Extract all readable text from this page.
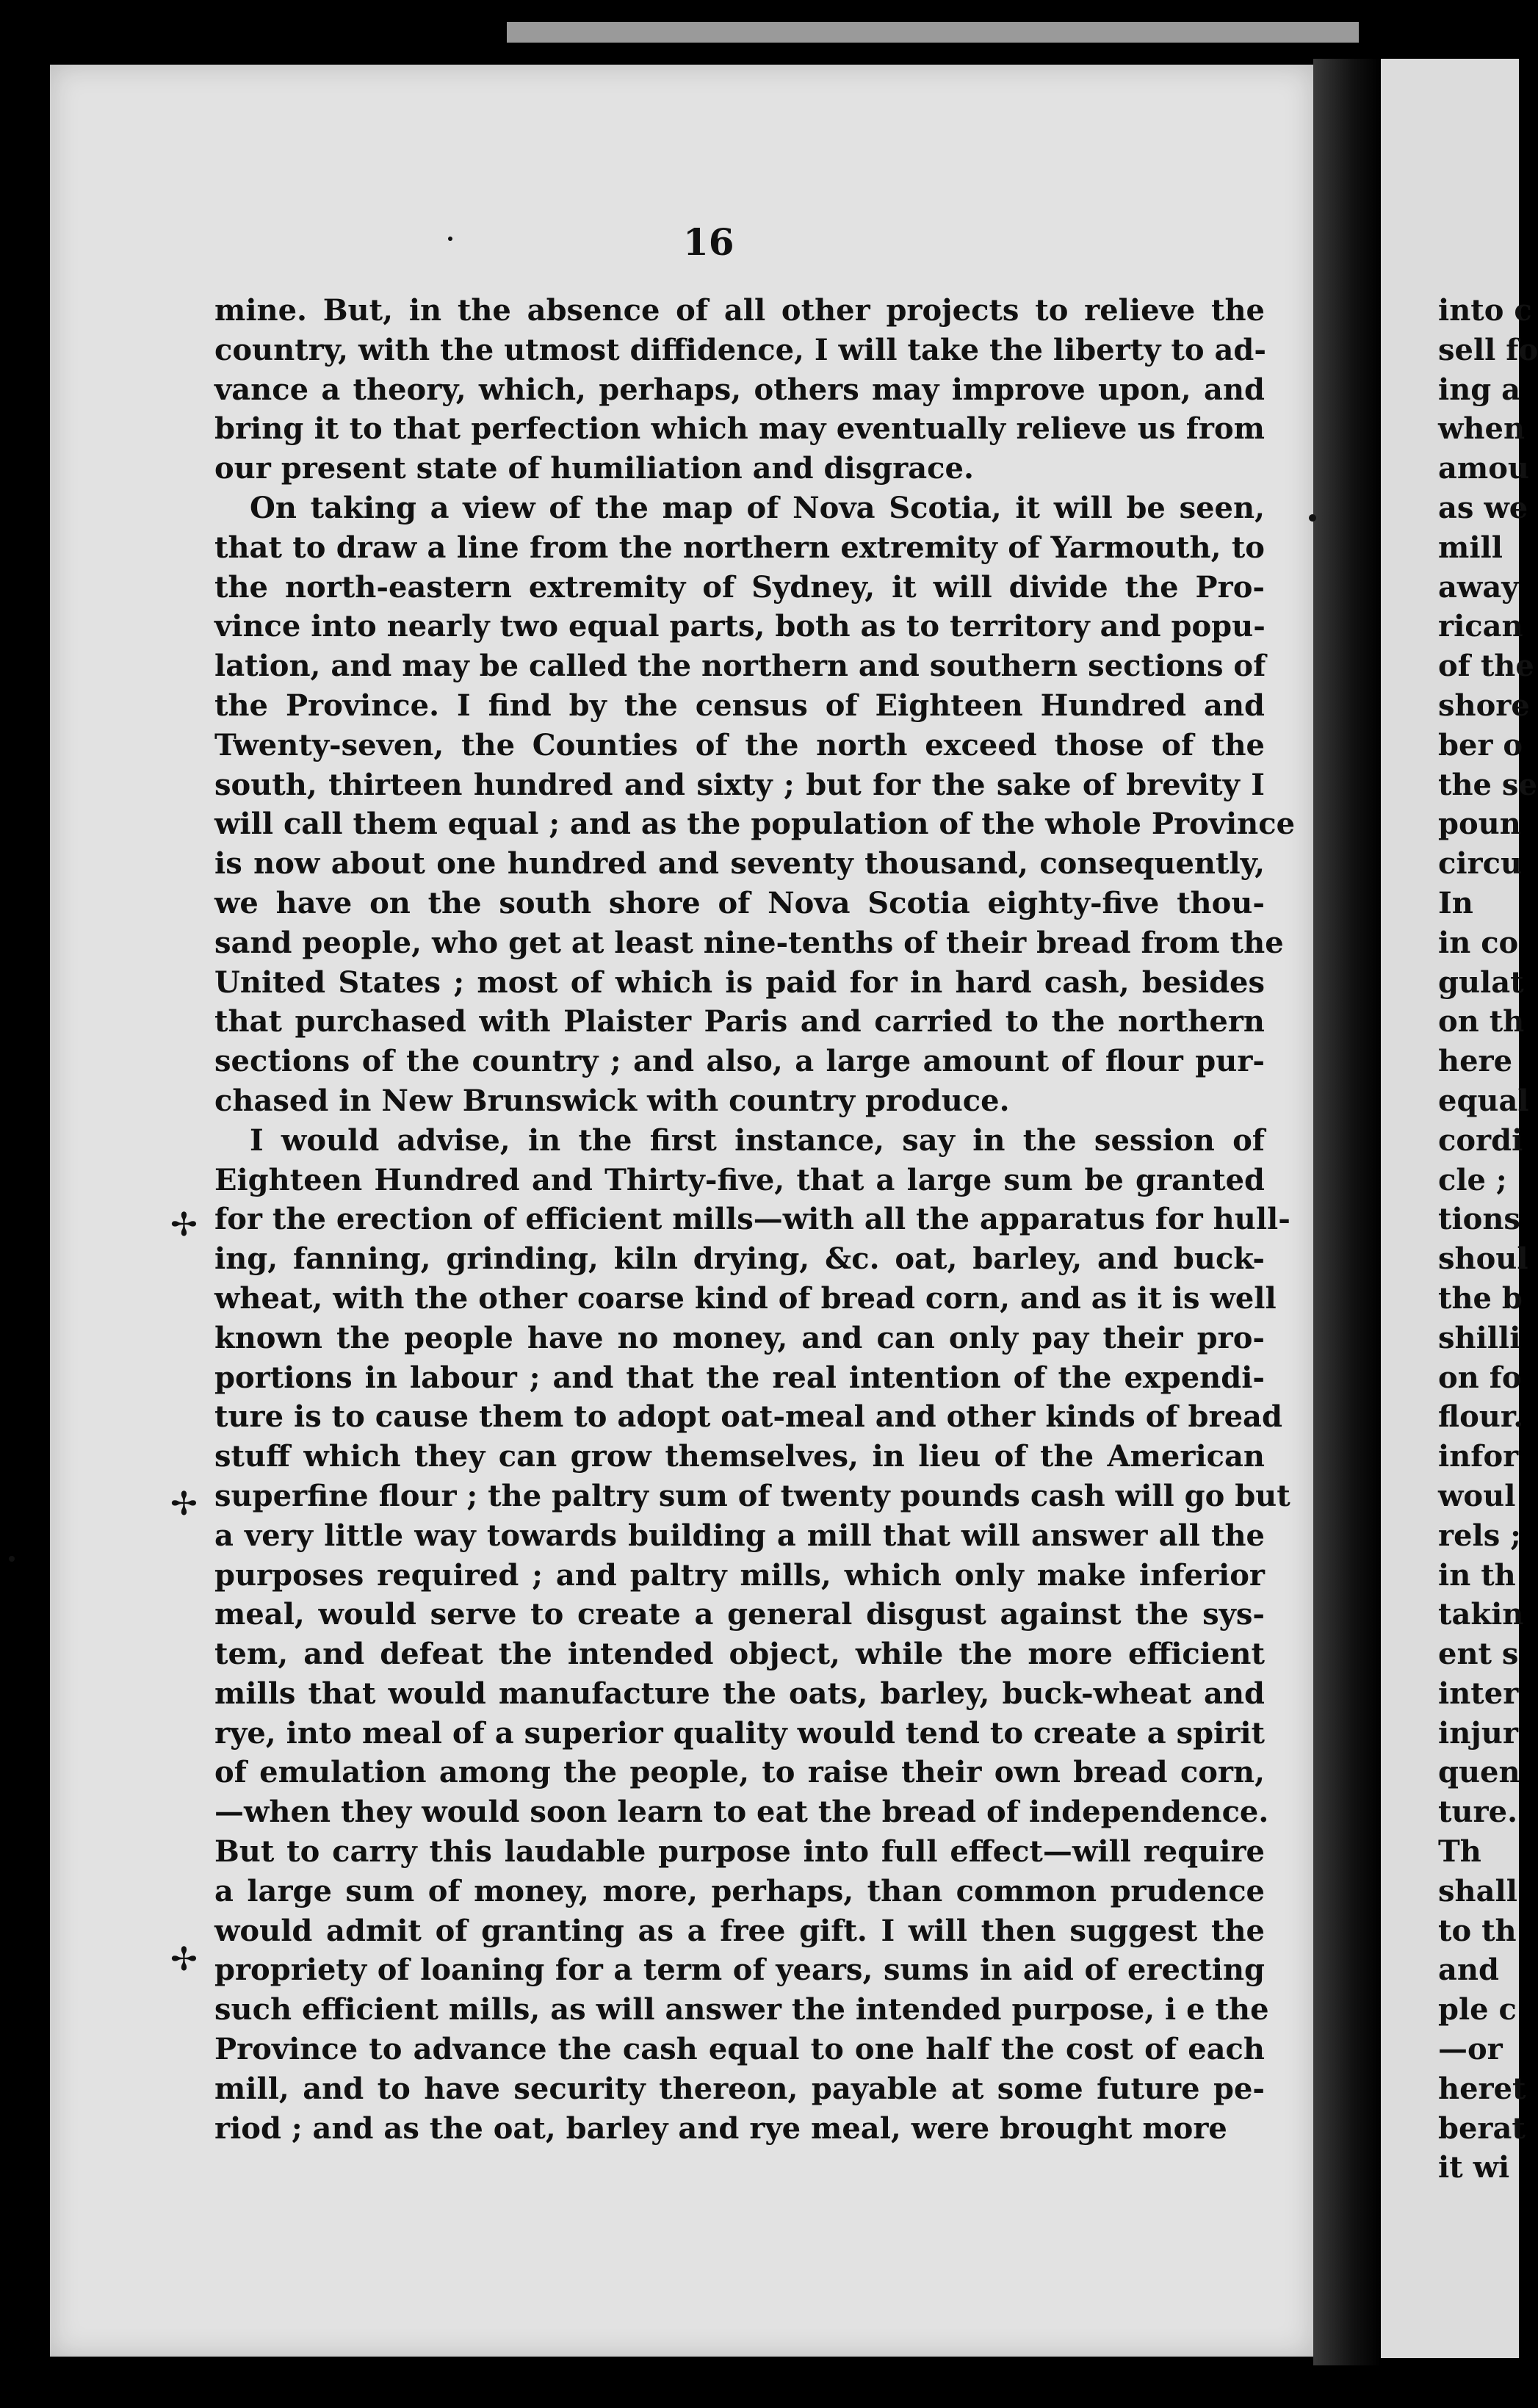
16
mine. But, in the absence of all other projects to relieve the
country, with the utmost diffidence, I will take the liberty to ad-
vance a theory, which, perhaps, others may improve upon, and
bring it to that perfection which may eventually relieve us from
our present state of humiliation and disgrace.
On taking a view of the map of Nova Scotia, it will be seen,
that to draw a line from the northern extremity of Yarmouth, to
the north-eastern extremity of Sydney, it will divide the Pro-
vince into nearly two equal parts, both as to territory and popu-
lation, and may be called the northern and southern sections of
the Province. I find by the census of Eighteen Hundred and
Twenty-seven, the Counties of the north exceed those of the
south, thirteen hundred and sixty ; but for the sake of brevity I
will call them equal ; and as the population of the whole Province
is now about one hundred and seventy thousand, consequently,
we have on the south shore of Nova Scotia eighty-five thou-
sand people, who get at least nine-tenths of their bread from the
United States ; most of which is paid for in hard cash, besides
that purchased with Plaister Paris and carried to the northern
sections of the country ; and also, a large amount of flour pur-
chased in New Brunswick with country produce.
I would advise, in the first instance, say in the session of
Eighteen Hundred and Thirty-five, that a large sum be granted
for the erection of efficient mills—with all the apparatus for hull-
ing, fanning, grinding, kiln drying, &c. oat, barley, and buck-
wheat, with the other coarse kind of bread corn, and as it is well
known the people have no money, and can only pay their pro-
portions in labour ; and that the real intention of the expendi-
ture is to cause them to adopt oat-meal and other kinds of bread
stuff which they can grow themselves, in lieu of the American
superfine flour ; the paltry sum of twenty pounds cash will go but
a very little way towards building a mill that will answer all the
purposes required ; and paltry mills, which only make inferior
meal, would serve to create a general disgust against the sys-
tem, and defeat the intended object, while the more efficient
mills that would manufacture the oats, barley, buck-wheat and
rye, into meal of a superior quality would tend to create a spirit
of emulation among the people, to raise their own bread corn,
—when they would soon learn to eat the bread of independence.
But to carry this laudable purpose into full effect—will require
a large sum of money, more, perhaps, than common prudence
would admit of granting as a free gift. I will then suggest the
propriety of loaning for a term of years, sums in aid of erecting
such efficient mills, as will answer the intended purpose, i e the
Province to advance the cash equal to one half the cost of each
mill, and to have security thereon, payable at some future pe-
riod ; and as the oat, barley and rye meal, were brought more
✢
✢
✢
into c
sell fo
ing a
when
amou
as we
mill
away
rican
of the
shore
ber o
the se
poun
circu
In
in co
gulat
on th
here
equal
cordi
cle ;
tions
shoul
the b
shilli
on fo
flour.
infor
woul
rels ;
in th
takin
ent s
inter
injur
quen
ture.
Th
shall
to th
and
ple c
—or
heret
berat
it wi
